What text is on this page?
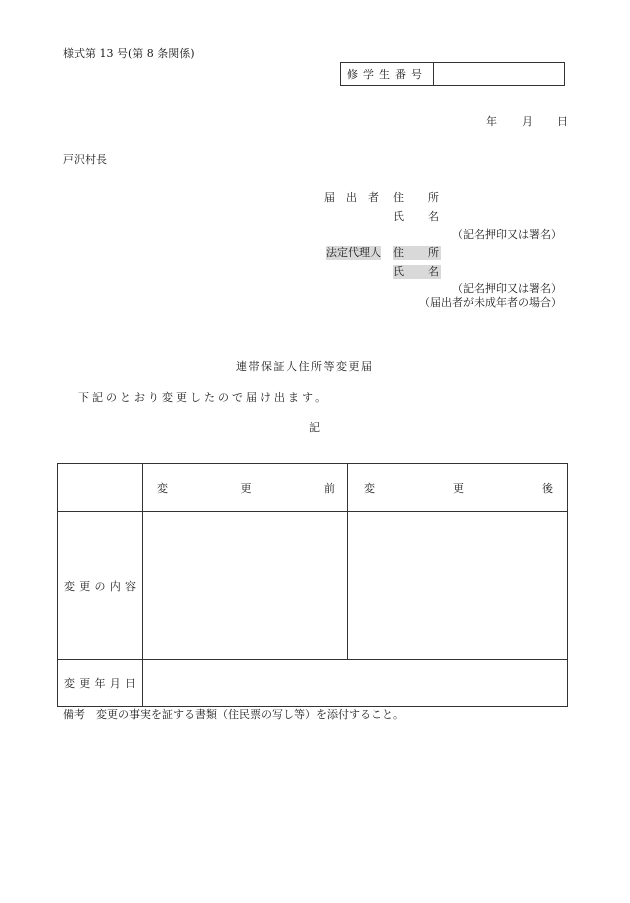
様式第 13 号(第 8 条関係)
修学生番号
年 月 日
戸沢村長
届出者 住所
氏名
（記名押印又は署名）
法定代理人 住所
氏名
（記名押印又は署名）
（届出者が未成年者の場合）
連帯保証人住所等変更届
下記のとおり変更したので届け出ます。
記

	変 更 前	変 更 後

変 更 の 内 容		

変 更 年 月 日		

備考　変更の事実を証する書類（住民票の写し等）を添付すること。
